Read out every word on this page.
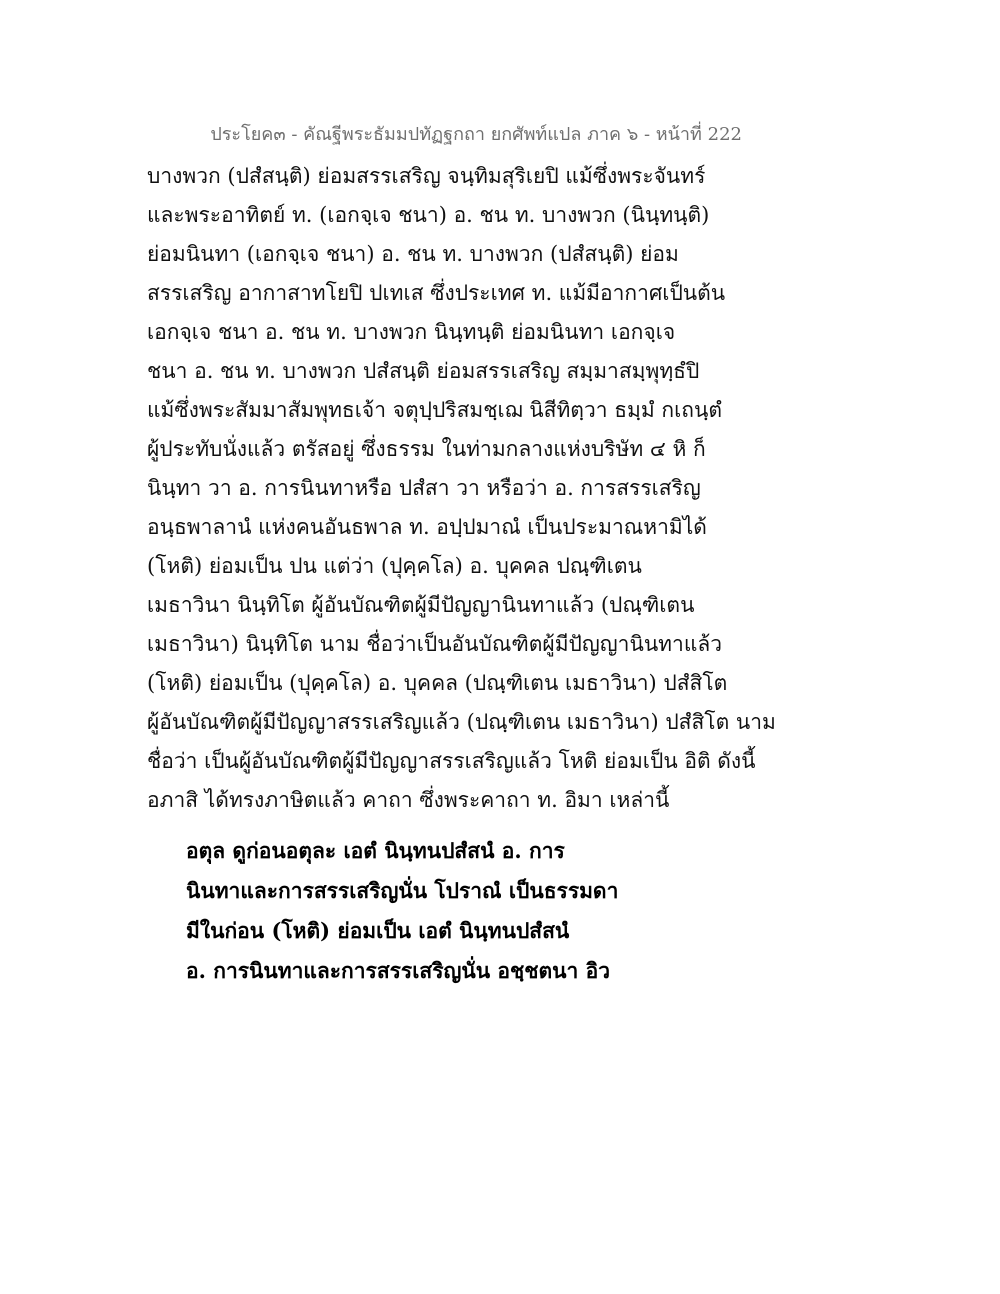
ประโยค๓ - คัณฐีพระธัมมปทัฏฐกถา ยกศัพท์แปล ภาค ๖ - หน้าที่ 222
บางพวก (ปสํสนฺติ) ย่อมสรรเสริญ จนฺทิมสุริเยปิ แม้ซึ่งพระจันทร์
และพระอาทิตย์ ท. (เอกจฺเจ ชนา) อ. ชน ท. บางพวก (นินฺทนฺติ)
ย่อมนินทา (เอกจฺเจ ชนา) อ. ชน ท. บางพวก (ปสํสนฺติ) ย่อม
สรรเสริญ อากาสาทโยปิ ปเทเส ซึ่งประเทศ ท. แม้มีอากาศเป็นต้น
เอกจฺเจ ชนา อ. ชน ท. บางพวก นินฺทนฺติ ย่อมนินทา เอกจฺเจ
ชนา อ. ชน ท. บางพวก ปสํสนฺติ ย่อมสรรเสริญ สมฺมาสมฺพุทฺธํปิ
แม้ซึ่งพระสัมมาสัมพุทธเจ้า จตุปฺปริสมชฺเฌ นิสีทิตฺวา ธมฺมํ กเถนฺตํ
ผู้ประทับนั่งแล้ว ตรัสอยู่ ซึ่งธรรม ในท่ามกลางแห่งบริษัท ๔ หิ ก็
นินฺทา วา อ. การนินทาหรือ ปสํสา วา หรือว่า อ. การสรรเสริญ
อนฺธพาลานํ แห่งคนอันธพาล ท. อปฺปมาณํ เป็นประมาณหามิได้
(โหติ) ย่อมเป็น ปน แต่ว่า (ปุคฺคโล) อ. บุคคล ปณฺฑิเตน
เมธาวินา นินฺทิโต ผู้อันบัณฑิตผู้มีปัญญานินทาแล้ว (ปณฺฑิเตน
เมธาวินา) นินฺทิโต นาม ชื่อว่าเป็นอันบัณฑิตผู้มีปัญญานินทาแล้ว
(โหติ) ย่อมเป็น (ปุคฺคโล) อ. บุคคล (ปณฺฑิเตน เมธาวินา) ปสํสิโต
ผู้อันบัณฑิตผู้มีปัญญาสรรเสริญแล้ว (ปณฺฑิเตน เมธาวินา) ปสํสิโต นาม
ชื่อว่า เป็นผู้อันบัณฑิตผู้มีปัญญาสรรเสริญแล้ว โหติ ย่อมเป็น อิติ ดังนี้
อภาสิ ได้ทรงภาษิตแล้ว คาถา ซึ่งพระคาถา ท. อิมา เหล่านี้
อตุล ดูก่อนอตุละ เอตํ นินฺทนปสํสนํ อ. การ
นินทาและการสรรเสริญนั่น โปราณํ เป็นธรรมดา
มีในก่อน (โหติ) ย่อมเป็น เอตํ นินฺทนปสํสนํ
อ. การนินทาและการสรรเสริญนั่น อชฺชตนา อิว
